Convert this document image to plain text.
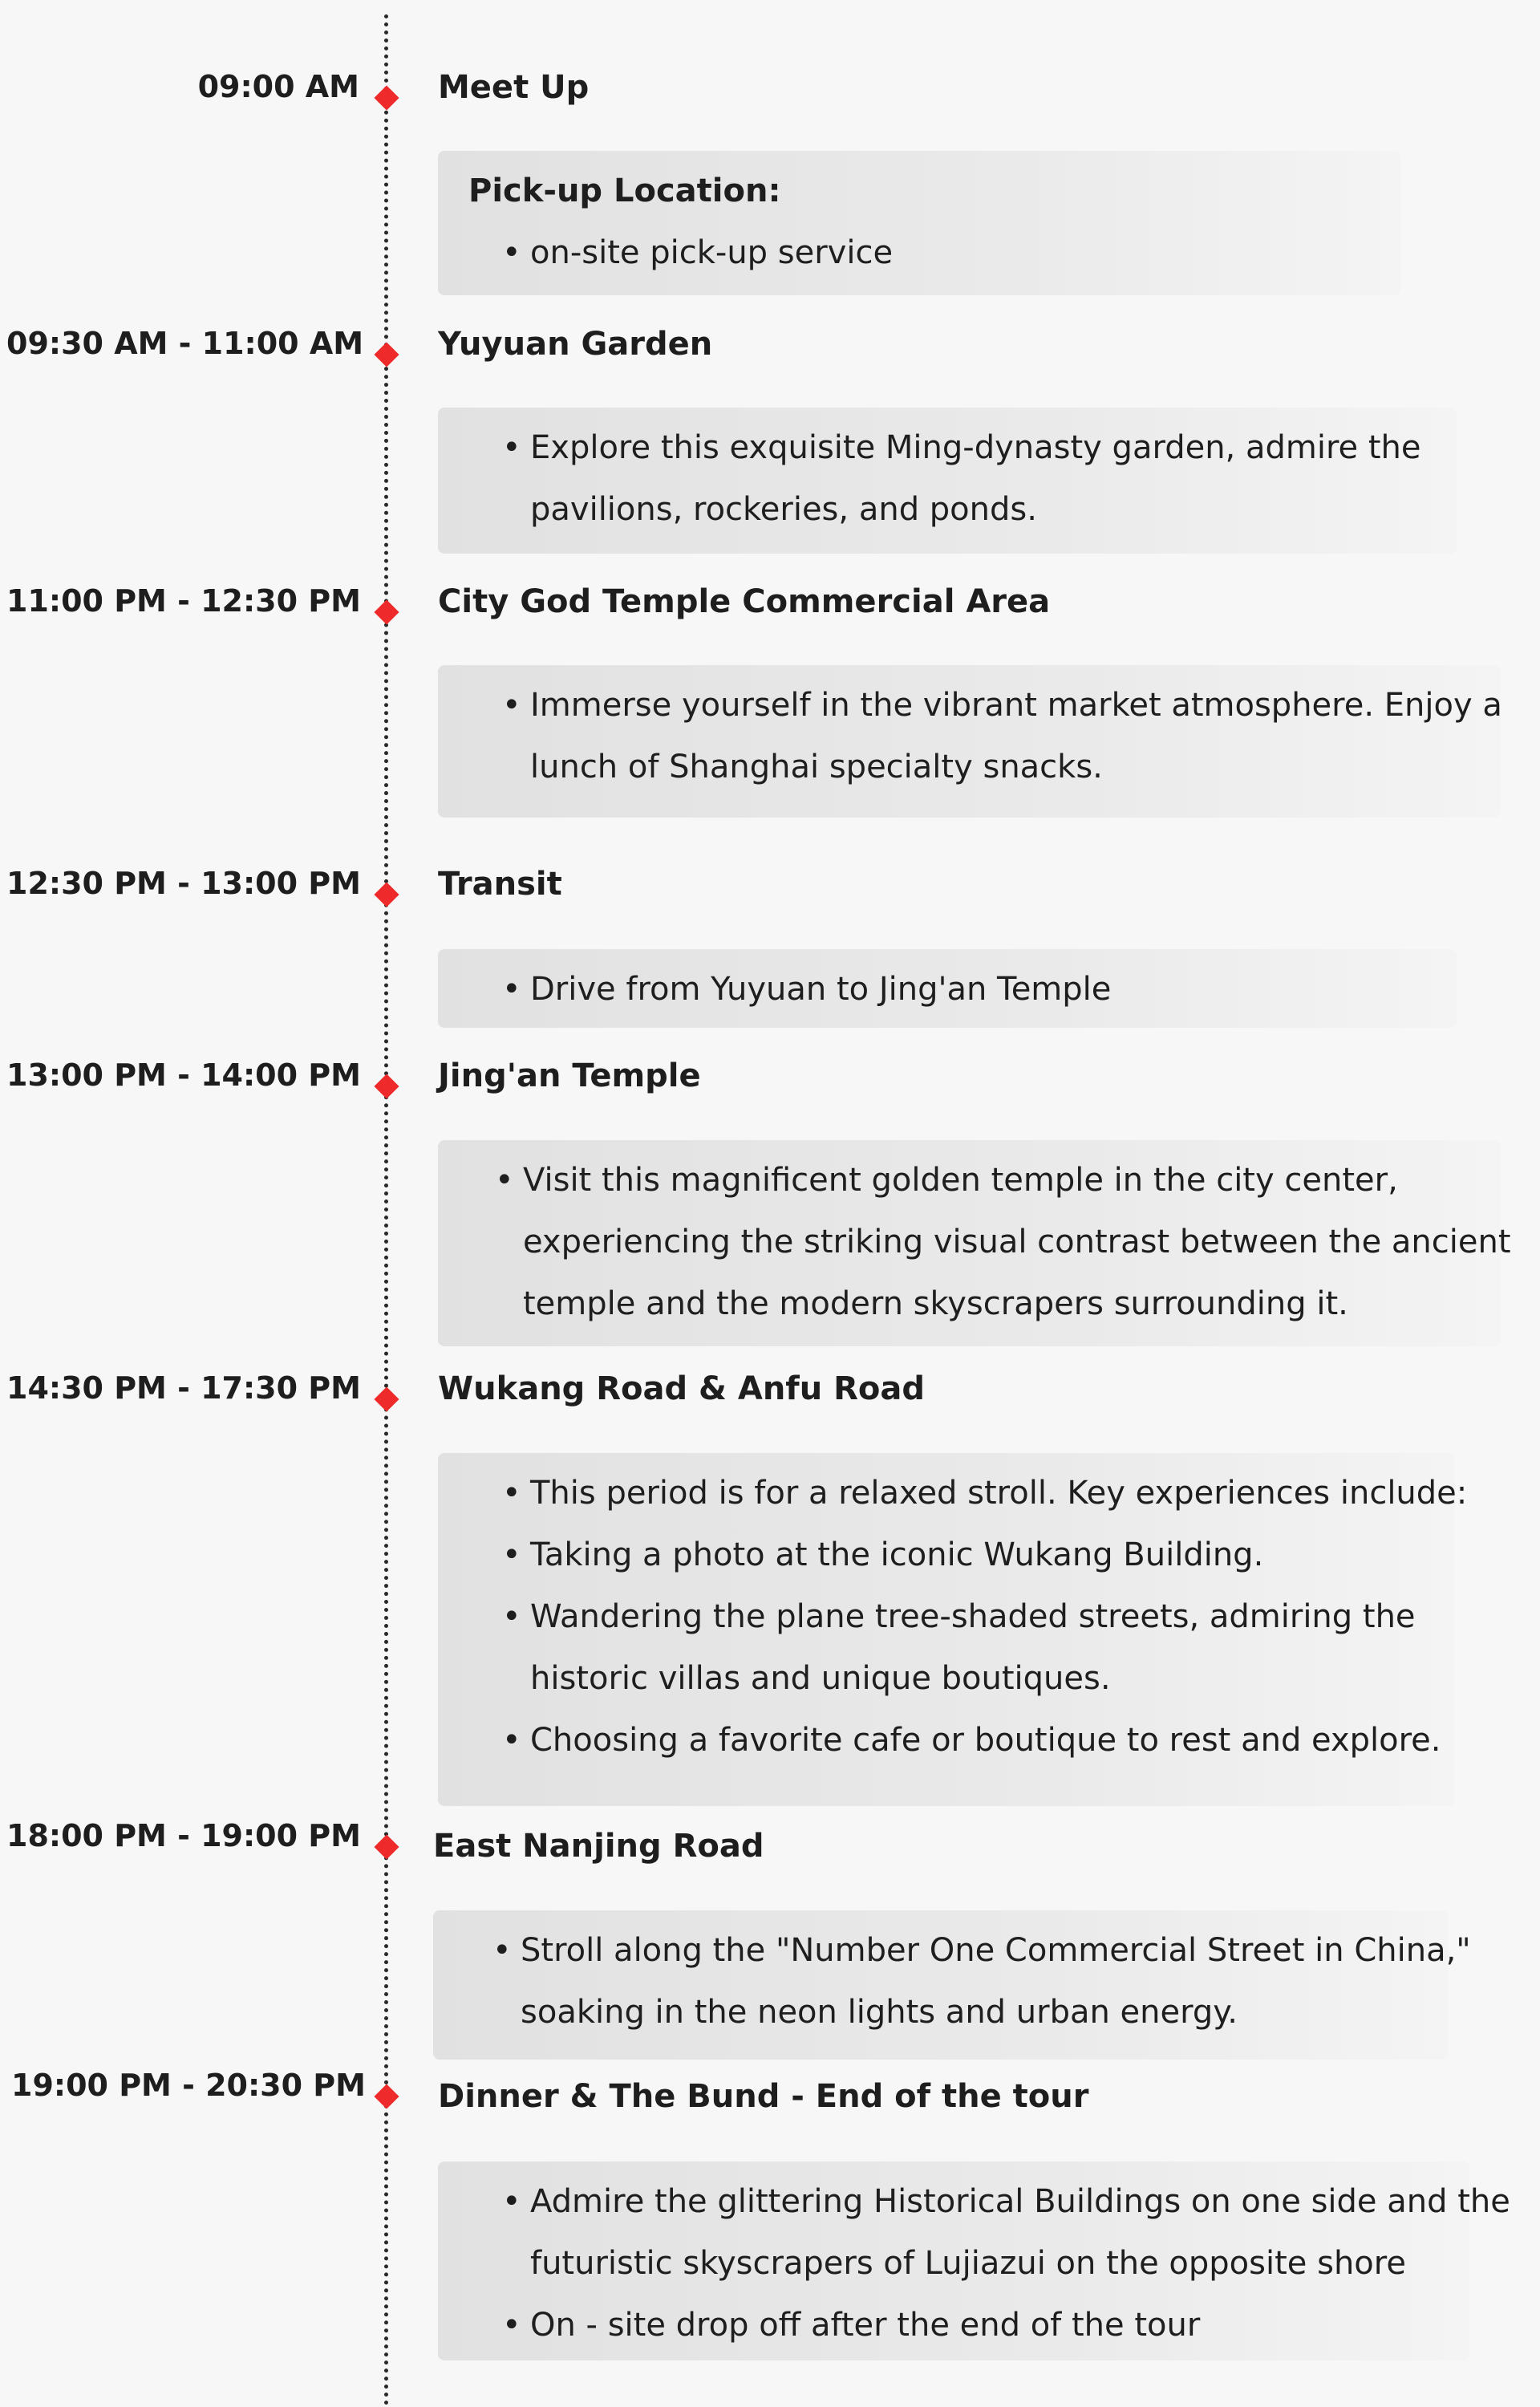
09:00 AM Meet Up
Pick-up Location:
• on-site pick-up service
09:30 AM - 11:00 AM Yuyuan Garden
• Explore this exquisite Ming-dynasty garden, admire the
pavilions, rockeries, and ponds.
11:00 PM - 12:30 PM City God Temple Commercial Area
• Immerse yourself in the vibrant market atmosphere. Enjoy a
lunch of Shanghai specialty snacks.
12:30 PM - 13:00 PM Transit
• Drive from Yuyuan to Jing'an Temple
13:00 PM - 14:00 PM Jing'an Temple
• Visit this magnificent golden temple in the city center,
experiencing the striking visual contrast between the ancient
temple and the modern skyscrapers surrounding it.
14:30 PM - 17:30 PM Wukang Road & Anfu Road
• This period is for a relaxed stroll. Key experiences include:
• Taking a photo at the iconic Wukang Building.
• Wandering the plane tree-shaded streets, admiring the
historic villas and unique boutiques.
• Choosing a favorite cafe or boutique to rest and explore.
18:00 PM - 19:00 PM East Nanjing Road
• Stroll along the "Number One Commercial Street in China,"
soaking in the neon lights and urban energy.
19:00 PM - 20:30 PM Dinner & The Bund - End of the tour
• Admire the glittering Historical Buildings on one side and the
futuristic skyscrapers of Lujiazui on the opposite shore
• On - site drop off after the end of the tour
